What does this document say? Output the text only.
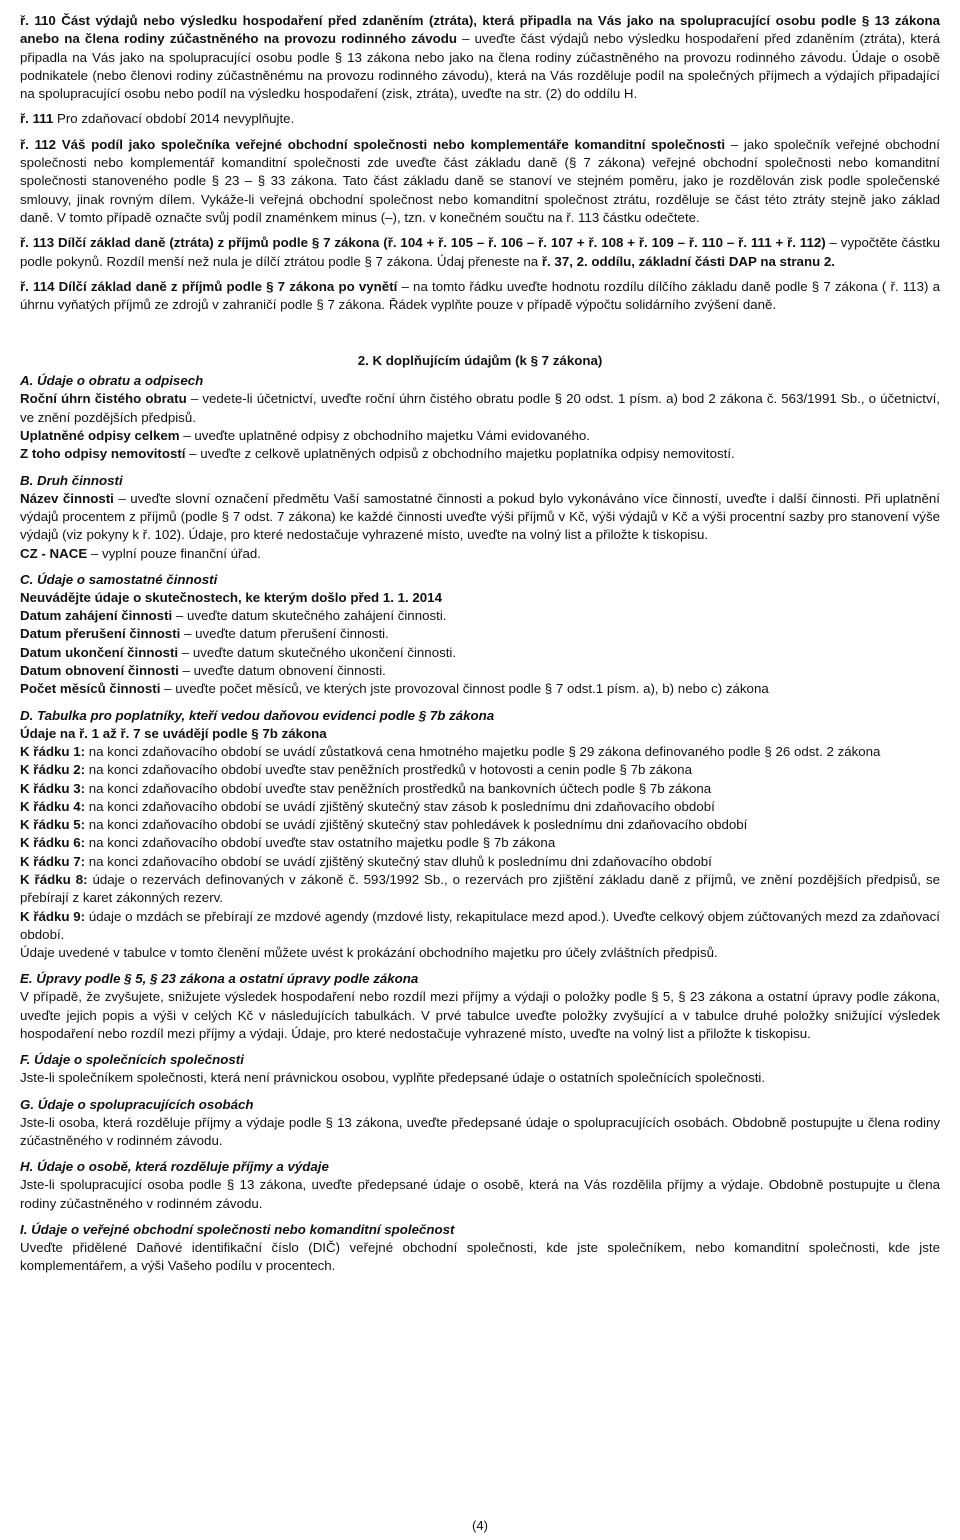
ř. 110 Část výdajů nebo výsledku hospodaření před zdaněním (ztráta), která připadla na Vás jako na spolupracující osobu podle § 13 zákona anebo na člena rodiny zúčastněného na provozu rodinného závodu – uveďte část výdajů nebo výsledku hospodaření před zdaněním (ztráta), která připadla na Vás jako na spolupracující osobu podle § 13 zákona nebo jako na člena rodiny zúčastněného na provozu rodinného závodu. Údaje o osobě podnikatele (nebo členovi rodiny zúčastněnému na provozu rodinného závodu), která na Vás rozděluje podíl na společných příjmech a výdajích připadající na spolupracující osobu nebo podíl na výsledku hospodaření (zisk, ztráta), uveďte na str. (2) do oddílu H.

ř. 111 Pro zdaňovací období 2014 nevyplňujte.

ř. 112 Váš podíl jako společníka veřejné obchodní společnosti nebo komplementáře komanditní společnosti – jako společník veřejné obchodní společnosti nebo komplementář komanditní společnosti zde uveďte část základu daně (§ 7 zákona) veřejné obchodní společnosti nebo komanditní společnosti stanoveného podle § 23 – § 33 zákona. Tato část základu daně se stanoví ve stejném poměru, jako je rozdělován zisk podle společenské smlouvy, jinak rovným dílem. Vykáže-li veřejná obchodní společnost nebo komanditní společnost ztrátu, rozděluje se část této ztráty stejně jako základ daně. V tomto případě označte svůj podíl znaménkem minus (–), tzn. v konečném součtu na ř. 113 částku odečtete.

ř. 113 Dílčí základ daně (ztráta) z příjmů podle § 7 zákona (ř. 104 + ř. 105 – ř. 106 – ř. 107 + ř. 108 + ř. 109 – ř. 110 – ř. 111 + ř. 112) – vypočtěte částku podle pokynů. Rozdíl menší než nula je dílčí ztrátou podle § 7 zákona. Údaj přeneste na ř. 37, 2. oddílu, základní části DAP na stranu 2.

ř. 114 Dílčí základ daně z příjmů podle § 7 zákona po vynětí – na tomto řádku uveďte hodnotu rozdílu dílčího základu daně podle § 7 zákona ( ř. 113) a úhrnu vyňatých příjmů ze zdrojů v zahraničí podle § 7 zákona. Řádek vyplňte pouze v případě výpočtu solidárního zvýšení daně.

2. K doplňujícím údajům (k § 7 zákona)
A. Údaje o obratu a odpisech

Roční úhrn čistého obratu – vedete-li účetnictví, uveďte roční úhrn čistého obratu podle § 20 odst. 1 písm. a) bod 2 zákona č. 563/1991 Sb., o účetnictví, ve znění pozdějších předpisů.

Uplatněné odpisy celkem – uveďte uplatněné odpisy z obchodního majetku Vámi evidovaného.

Z toho odpisy nemovitostí – uveďte z celkově uplatněných odpisů z obchodního majetku poplatníka odpisy nemovitostí.

B. Druh činnosti

Název činnosti – uveďte slovní označení předmětu Vaší samostatné činnosti a pokud bylo vykonáváno více činností, uveďte i další činnosti. Při uplatnění výdajů procentem z příjmů (podle § 7 odst. 7 zákona) ke každé činnosti uveďte výši příjmů v Kč, výši výdajů v Kč a výši procentní sazby pro stanovení výše výdajů (viz pokyny k ř. 102). Údaje, pro které nedostačuje vyhrazené místo, uveďte na volný list a přiložte k tiskopisu.

CZ - NACE – vyplní pouze finanční úřad.

C. Údaje o samostatné činnosti

Neuvádějte údaje o skutečnostech, ke kterým došlo před 1. 1. 2014

Datum zahájení činnosti – uveďte datum skutečného zahájení činnosti.

Datum přerušení činnosti – uveďte datum přerušení činnosti.

Datum ukončení činnosti – uveďte datum skutečného ukončení činnosti.

Datum obnovení činnosti – uveďte datum obnovení činnosti.

Počet měsíců činnosti – uveďte počet měsíců, ve kterých jste provozoval činnost podle § 7 odst.1 písm. a), b) nebo c) zákona

D. Tabulka pro poplatníky, kteří vedou daňovou evidenci podle § 7b zákona

Údaje na ř. 1 až ř. 7 se uvádějí podle § 7b zákona

K řádku 1: na konci zdaňovacího období se uvádí zůstatková cena hmotného majetku podle § 29 zákona definovaného podle § 26 odst. 2 zákona

K řádku 2: na konci zdaňovacího období uveďte stav peněžních prostředků v hotovosti a cenin podle § 7b zákona

K řádku 3: na konci zdaňovacího období uveďte stav peněžních prostředků na bankovních účtech podle § 7b zákona

K řádku 4: na konci zdaňovacího období se uvádí zjištěný skutečný stav zásob k poslednímu dni zdaňovacího období

K řádku 5: na konci zdaňovacího období se uvádí zjištěný skutečný stav pohledávek k poslednímu dni zdaňovacího období

K řádku 6: na konci zdaňovacího období uveďte stav ostatního majetku podle § 7b zákona

K řádku 7: na konci zdaňovacího období se uvádí zjištěný skutečný stav dluhů k poslednímu dni zdaňovacího období

K řádku 8: údaje o rezervách definovaných v zákoně č. 593/1992 Sb., o rezervách pro zjištění základu daně z příjmů, ve znění pozdějších předpisů, se přebírají z karet zákonných rezerv.

K řádku 9: údaje o mzdách se přebírají ze mzdové agendy (mzdové listy, rekapitulace mezd apod.). Uveďte celkový objem zúčtovaných mezd za zdaňovací období.

Údaje uvedené v tabulce v tomto členění můžete uvést k prokázání obchodního majetku pro účely zvláštních předpisů.

E. Úpravy podle § 5, § 23 zákona a ostatní úpravy podle zákona

V případě, že zvyšujete, snižujete výsledek hospodaření nebo rozdíl mezi příjmy a výdaji o položky podle § 5, § 23 zákona a ostatní úpravy podle zákona, uveďte jejich popis a výši v celých Kč v následujících tabulkách. V prvé tabulce uveďte položky zvyšující a v tabulce druhé položky snižující výsledek hospodaření nebo rozdíl mezi příjmy a výdaji. Údaje, pro které nedostačuje vyhrazené místo, uveďte na volný list a přiložte k tiskopisu.

F. Údaje o společnících společnosti

Jste-li společníkem společnosti, která není právnickou osobou, vyplňte předepsané údaje o ostatních společnících společnosti.

G. Údaje o spolupracujících osobách

Jste-li osoba, která rozděluje příjmy a výdaje podle § 13 zákona, uveďte předepsané údaje o spolupracujících osobách. Obdobně postupujte u člena rodiny zúčastněného v rodinném závodu.

H. Údaje o osobě, která rozděluje příjmy a výdaje

Jste-li spolupracující osoba podle § 13 zákona, uveďte předepsané údaje o osobě, která na Vás rozdělila příjmy a výdaje. Obdobně postupujte u člena rodiny zúčastněného v rodinném závodu.

I. Údaje o veřejné obchodní společnosti nebo komanditní společnost

Uveďte přidělené Daňové identifikační číslo (DIČ) veřejné obchodní společnosti, kde jste společníkem, nebo komanditní společnosti, kde jste komplementářem, a výši Vašeho podílu v procentech.

(4)
